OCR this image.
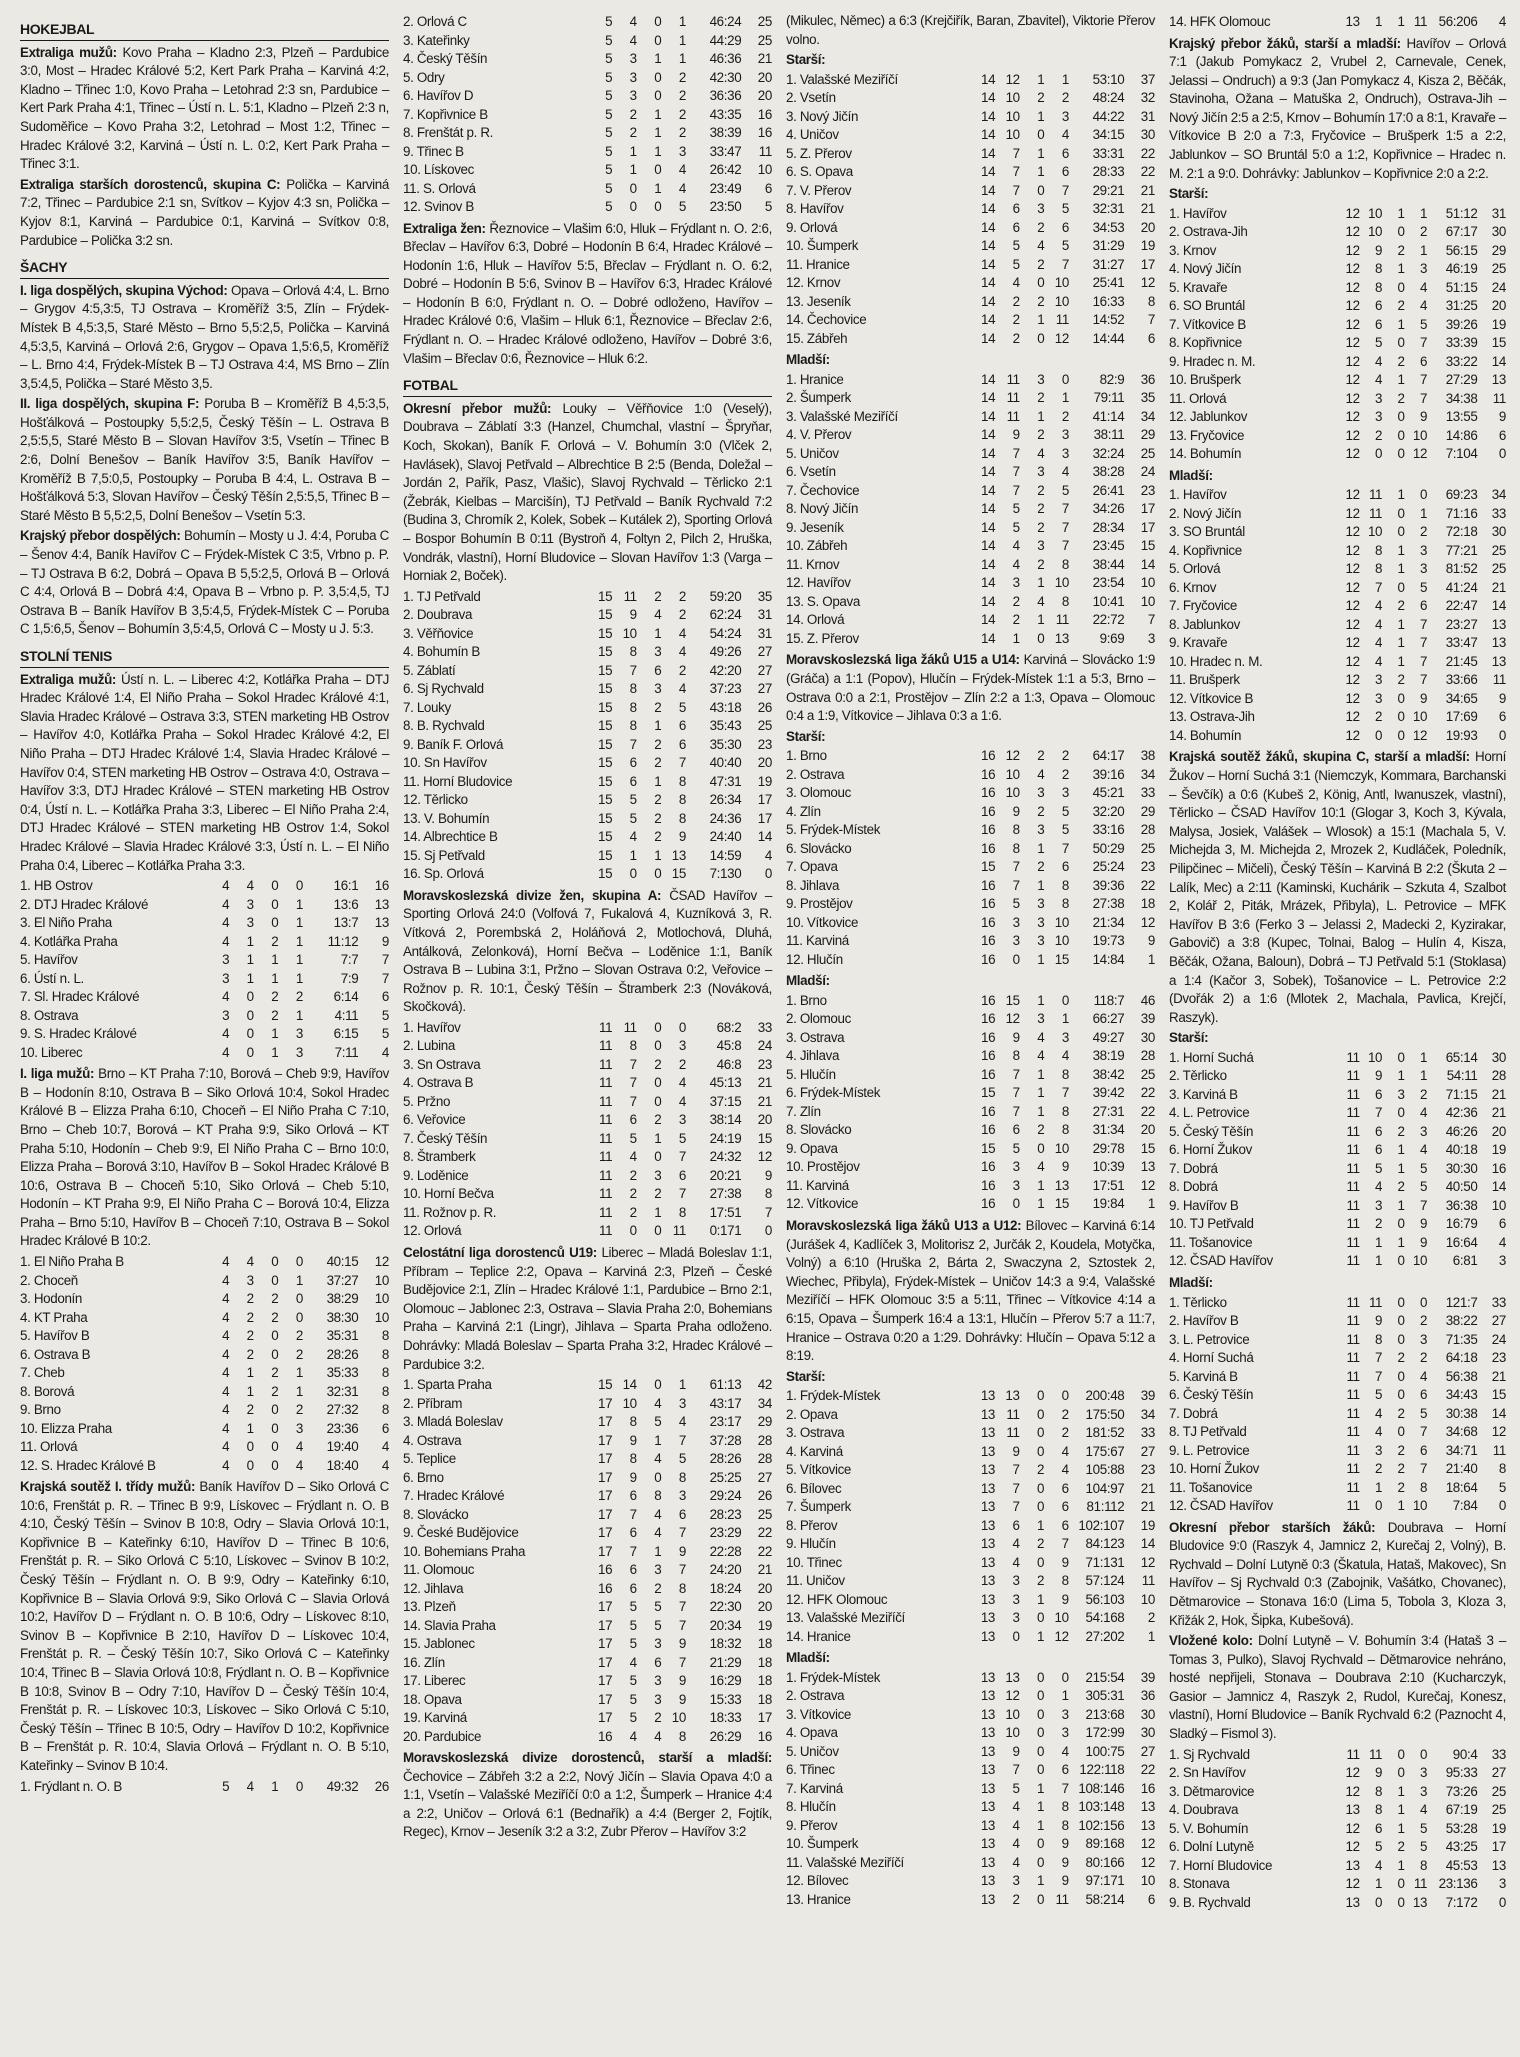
HOKEJBAL

Extraliga mužů: Kovo Praha – Kladno 2:3, Plzeň – Pardubice 3:0, Most – Hradec Králové 5:2, Kert Park Praha – Karviná 4:2, Kladno – Třinec 1:0, Kovo Praha – Letohrad 2:3 sn, Pardubice – Kert Park Praha 4:1, Třinec – Ústí n. L. 5:1, Kladno – Plzeň 2:3 n, Sudoměřice – Kovo Praha 3:2, Letohrad – Most 1:2, Třinec – Hradec Králové 3:2, Karviná – Ústí n. L. 0:2, Kert Park Praha – Třinec 3:1.

Extraliga starších dorostenců, skupina C: Polička – Karviná 7:2, Třinec – Pardubice 2:1 sn, Svítkov – Kyjov 4:3 sn, Polička – Kyjov 8:1, Karviná – Pardubice 0:1, Karviná – Svítkov 0:8, Pardubice – Polička 3:2 sn.

ŠACHY

I. liga dospělých, skupina Východ: Opava – Orlová 4:4, L. Brno – Grygov 4:5,3:5, TJ Ostrava – Kroměříž 3:5, Zlín – Frýdek-Místek B 4,5:3,5, Staré Město – Brno 5,5:2,5, Polička – Karviná 4,5:3,5, Karviná – Orlová 2:6, Grygov – Opava 1,5:6,5, Kroměříž – L. Brno 4:4, Frýdek-Místek B – TJ Ostrava 4:4, MS Brno – Zlín 3,5:4,5, Polička – Staré Město 3,5.

II. liga dospělých, skupina F: Poruba B – Kroměříž B 4,5:3,5, Hošťálková – Postoupky 5,5:2,5, Český Těšín – L. Ostrava B 2,5:5,5, Staré Město B – Slovan Havířov 3:5, Vsetín – Třinec B 2:6, Dolní Benešov – Baník Havířov 3:5, Baník Havířov – Kroměříž B 7,5:0,5, Postoupky – Poruba B 4:4, L. Ostrava B – Hošťálková 5:3, Slovan Havířov – Český Těšín 2,5:5,5, Třinec B – Staré Město B 5,5:2,5, Dolní Benešov – Vsetín 5:3.

Krajský přebor dospělých: Bohumín – Mosty u J. 4:4, Poruba C – Šenov 4:4, Baník Havířov C – Frýdek-Místek C 3:5, Vrbno p. P. – TJ Ostrava B 6:2, Dobrá – Opava B 5,5:2,5, Orlová B – Orlová C 4:4, Orlová B – Dobrá 4:4, Opava B – Vrbno p. P. 3,5:4,5, TJ Ostrava B – Baník Havířov B 3,5:4,5, Frýdek-Místek C – Poruba C 1,5:6,5, Šenov – Bohumín 3,5:4,5, Orlová C – Mosty u J. 5:3.

STOLNÍ TENIS

Extraliga mužů: Ústí n. L. – Liberec 4:2, Kotlářka Praha – DTJ Hradec Králové 1:4, El Niño Praha – Sokol Hradec Králové 4:1, Slavia Hradec Králové – Ostrava 3:3, STEN marketing HB Ostrov – Havířov 4:0, Kotlářka Praha – Sokol Hradec Králové 4:2, El Niño Praha – DTJ Hradec Králové 1:4, Slavia Hradec Králové – Havířov 0:4, STEN marketing HB Ostrov – Ostrava 4:0, Ostrava – Havířov 3:3, DTJ Hradec Králové – STEN marketing HB Ostrov 0:4, Ústí n. L. – Kotlářka Praha 3:3, Liberec – El Niño Praha 2:4, DTJ Hradec Králové – STEN marketing HB Ostrov 1:4, Sokol Hradec Králové – Slavia Hradec Králové 3:3, Ústí n. L. – El Niño Praha 0:4, Liberec – Kotlářka Praha 3:3.

1. HB Ostrov	4	4	0	0	16:1	16
2. DTJ Hradec Králové	4	3	0	1	13:6	13
3. El Niño Praha	4	3	0	1	13:7	13
4. Kotlářka Praha	4	1	2	1	11:12	9
5. Havířov	3	1	1	1	7:7	7
6. Ústí n. L.	3	1	1	1	7:9	7
7. Sl. Hradec Králové	4	0	2	2	6:14	6
8. Ostrava	3	0	2	1	4:11	5
9. S. Hradec Králové	4	0	1	3	6:15	5
10. Liberec	4	0	1	3	7:11	4

I. liga mužů: Brno – KT Praha 7:10, Borová – Cheb 9:9, Havířov B – Hodonín 8:10, Ostrava B – Siko Orlová 10:4, Sokol Hradec Králové B – Elizza Praha 6:10, Choceň – El Niño Praha C 7:10, Brno – Cheb 10:7, Borová – KT Praha 9:9, Siko Orlová – KT Praha 5:10, Hodonín – Cheb 9:9, El Niño Praha C – Brno 10:0, Elizza Praha – Borová 3:10, Havířov B – Sokol Hradec Králové B 10:6, Ostrava B – Choceň 5:10, Siko Orlová – Cheb 5:10, Hodonín – KT Praha 9:9, El Niño Praha C – Borová 10:4, Elizza Praha – Brno 5:10, Havířov B – Choceň 7:10, Ostrava B – Sokol Hradec Králové B 10:2.

1. El Niño Praha B	4	4	0	0	40:15	12
2. Choceň	4	3	0	1	37:27	10
3. Hodonín	4	2	2	0	38:29	10
4. KT Praha	4	2	2	0	38:30	10
5. Havířov B	4	2	0	2	35:31	8
6. Ostrava B	4	2	0	2	28:26	8
7. Cheb	4	1	2	1	35:33	8
8. Borová	4	1	2	1	32:31	8
9. Brno	4	2	0	2	27:32	8
10. Elizza Praha	4	1	0	3	23:36	6
11. Orlová	4	0	0	4	19:40	4
12. S. Hradec Králové B	4	0	0	4	18:40	4

Krajská soutěž I. třídy mužů: Baník Havířov D – Siko Orlová C 10:6, Frenštát p. R. – Třinec B 9:9, Lískovec – Frýdlant n. O. B 4:10, Český Těšín – Svinov B 10:8, Odry – Slavia Orlová 10:1, Kopřivnice B – Kateřinky 6:10, Havířov D – Třinec B 10:6, Frenštát p. R. – Siko Orlová C 5:10, Lískovec – Svinov B 10:2, Český Těšín – Frýdlant n. O. B 9:9, Odry – Kateřinky 6:10, Kopřivnice B – Slavia Orlová 9:9, Siko Orlová C – Slavia Orlová 10:2, Havířov D – Frýdlant n. O. B 10:6, Odry – Lískovec 8:10, Svinov B – Kopřivnice B 2:10, Havířov D – Lískovec 10:4, Frenštát p. R. – Český Těšín 10:7, Siko Orlová C – Kateřinky 10:4, Třinec B – Slavia Orlová 10:8, Frýdlant n. O. B – Kopřivnice B 10:8, Svinov B – Odry 7:10, Havířov D – Český Těšín 10:4, Frenštát p. R. – Lískovec 10:3, Lískovec – Siko Orlová C 5:10, Český Těšín – Třinec B 10:5, Odry – Havířov D 10:2, Kopřivnice B – Frenštát p. R. 10:4, Slavia Orlová – Frýdlant n. O. B 5:10, Kateřinky – Svinov B 10:4.

1. Frýdlant n. O. B	5	4	1	0	49:32	26
2. Orlová C	5	4	0	1	46:24	25
3. Kateřinky	5	4	0	1	44:29	25
4. Český Těšín	5	3	1	1	46:36	21
5. Odry	5	3	0	2	42:30	20
6. Havířov D	5	3	0	2	36:36	20
7. Kopřivnice B	5	2	1	2	43:35	16
8. Frenštát p. R.	5	2	1	2	38:39	16
9. Třinec B	5	1	1	3	33:47	11
10. Lískovec	5	1	0	4	26:42	10
11. S. Orlová	5	0	1	4	23:49	6
12. Svinov B	5	0	0	5	23:50	5

Extraliga žen: Řeznovice – Vlašim 6:0, Hluk – Frýdlant n. O. 2:6, Břeclav – Havířov 6:3, Dobré – Hodonín B 6:4, Hradec Králové – Hodonín 1:6, Hluk – Havířov 5:5, Břeclav – Frýdlant n. O. 6:2, Dobré – Hodonín B 5:6, Svinov B – Havířov 6:3, Hradec Králové – Hodonín B 6:0, Frýdlant n. O. – Dobré odloženo, Havířov – Hradec Králové 0:6, Vlašim – Hluk 6:1, Řeznovice – Břeclav 2:6, Frýdlant n. O. – Hradec Králové odloženo, Havířov – Dobré 3:6, Vlašim – Břeclav 0:6, Řeznovice – Hluk 6:2.

FOTBAL

Okresní přebor mužů: Louky – Věřňovice 1:0 (Veselý), Doubrava – Záblatí 3:3 (Hanzel, Chumchal, vlastní – Špryňar, Koch, Skokan), Baník F. Orlová – V. Bohumín 3:0 (Vlček 2, Havlásek), Slavoj Petřvald – Albrechtice B 2:5 (Benda, Doležal – Jordán 2, Pařík, Pasz, Vlašic), Slavoj Rychvald – Těrlicko 2:1 (Žebrák, Kielbas – Marcišín), TJ Petřvald – Baník Rychvald 7:2 (Budina 3, Chromík 2, Kolek, Sobek – Kutálek 2), Sporting Orlová – Bospor Bohumín B 0:11 (Bystroň 4, Foltyn 2, Pilch 2, Hruška, Vondrák, vlastní), Horní Bludovice – Slovan Havířov 1:3 (Varga – Horniak 2, Boček).

1. TJ Petřvald	15	11	2	2	59:20	35
2. Doubrava	15	9	4	2	62:24	31
3. Věřňovice	15	10	1	4	54:24	31
4. Bohumín B	15	8	3	4	49:26	27
5. Záblatí	15	7	6	2	42:20	27
6. Sj Rychvald	15	8	3	4	37:23	27
7. Louky	15	8	2	5	43:18	26
8. B. Rychvald	15	8	1	6	35:43	25
9. Baník F. Orlová	15	7	2	6	35:30	23
10. Sn Havířov	15	6	2	7	40:40	20
11. Horní Bludovice	15	6	1	8	47:31	19
12. Těrlicko	15	5	2	8	26:34	17
13. V. Bohumín	15	5	2	8	24:36	17
14. Albrechtice B	15	4	2	9	24:40	14
15. Sj Petřvald	15	1	1	13	14:59	4
16. Sp. Orlová	15	0	0	15	7:130	0

Moravskoslezská divize žen, skupina A: ČSAD Havířov – Sporting Orlová 24:0 (Volfová 7, Fukalová 4, Kuzníková 3, R. Vítková 2, Porembská 2, Holáňová 2, Motlochová, Dluhá, Antálková, Zelonková), Horní Bečva – Loděnice 1:1, Baník Ostrava B – Lubina 3:1, Pržno – Slovan Ostrava 0:2, Veřovice – Rožnov p. R. 10:1, Český Těšín – Štramberk 2:3 (Nováková, Skočková).

1. Havířov	11	11	0	0	68:2	33
2. Lubina	11	8	0	3	45:8	24
3. Sn Ostrava	11	7	2	2	46:8	23
4. Ostrava B	11	7	0	4	45:13	21
5. Pržno	11	7	0	4	37:15	21
6. Veřovice	11	6	2	3	38:14	20
7. Český Těšín	11	5	1	5	24:19	15
8. Štramberk	11	4	0	7	24:32	12
9. Loděnice	11	2	3	6	20:21	9
10. Horní Bečva	11	2	2	7	27:38	8
11. Rožnov p. R.	11	2	1	8	17:51	7
12. Orlová	11	0	0	11	0:171	0

Celostátní liga dorostenců U19: Liberec – Mladá Boleslav 1:1, Příbram – Teplice 2:2, Opava – Karviná 2:3, Plzeň – České Budějovice 2:1, Zlín – Hradec Králové 1:1, Pardubice – Brno 2:1, Olomouc – Jablonec 2:3, Ostrava – Slavia Praha 2:0, Bohemians Praha – Karviná 2:1 (Lingr), Jihlava – Sparta Praha odloženo. Dohrávky: Mladá Boleslav – Sparta Praha 3:2, Hradec Králové – Pardubice 3:2.

1. Sparta Praha	15	14	0	1	61:13	42
2. Příbram	17	10	4	3	43:17	34
3. Mladá Boleslav	17	8	5	4	23:17	29
4. Ostrava	17	9	1	7	37:28	28
5. Teplice	17	8	4	5	28:26	28
6. Brno	17	9	0	8	25:25	27
7. Hradec Králové	17	6	8	3	29:24	26
8. Slovácko	17	7	4	6	28:23	25
9. České Budějovice	17	6	4	7	23:29	22
10. Bohemians Praha	17	7	1	9	22:28	22
11. Olomouc	16	6	3	7	24:20	21
12. Jihlava	16	6	2	8	18:24	20
13. Plzeň	17	5	5	7	22:30	20
14. Slavia Praha	17	5	5	7	20:34	19
15. Jablonec	17	5	3	9	18:32	18
16. Zlín	17	4	6	7	21:29	18
17. Liberec	17	5	3	9	16:29	18
18. Opava	17	5	3	9	15:33	18
19. Karviná	17	5	2	10	18:33	17
20. Pardubice	16	4	4	8	26:29	16

Moravskoslezská divize dorostenců, starší a mladší: Čechovice – Zábřeh 3:2 a 2:2, Nový Jičín – Slavia Opava 4:0 a 1:1, Vsetín – Valašské Meziříčí 0:0 a 1:2, Šumperk – Hranice 4:4 a 2:2, Uničov – Orlová 6:1 (Bednařík) a 4:4 (Berger 2, Fojtík, Regec), Krnov – Jeseník 3:2 a 3:2, Zubr Přerov – Havířov 3:2

(Mikulec, Němec) a 6:3 (Krejčiřík, Baran, Zbavitel), Viktorie Přerov volno.

Starší:
1. Valašské Meziříčí	14	12	1	1	53:10	37
2. Vsetín	14	10	2	2	48:24	32
3. Nový Jičín	14	10	1	3	44:22	31
4. Uničov	14	10	0	4	34:15	30
5. Z. Přerov	14	7	1	6	33:31	22
6. S. Opava	14	7	1	6	28:33	22
7. V. Přerov	14	7	0	7	29:21	21
8. Havířov	14	6	3	5	32:31	21
9. Orlová	14	6	2	6	34:53	20
10. Šumperk	14	5	4	5	31:29	19
11. Hranice	14	5	2	7	31:27	17
12. Krnov	14	4	0	10	25:41	12
13. Jeseník	14	2	2	10	16:33	8
14. Čechovice	14	2	1	11	14:52	7
15. Zábřeh	14	2	0	12	14:44	6
Mladší:
1. Hranice	14	11	3	0	82:9	36
2. Šumperk	14	11	2	1	79:11	35
3. Valašské Meziříčí	14	11	1	2	41:14	34
4. V. Přerov	14	9	2	3	38:11	29
5. Uničov	14	7	4	3	32:24	25
6. Vsetín	14	7	3	4	38:28	24
7. Čechovice	14	7	2	5	26:41	23
8. Nový Jičín	14	5	2	7	34:26	17
9. Jeseník	14	5	2	7	28:34	17
10. Zábřeh	14	4	3	7	23:45	15
11. Krnov	14	4	2	8	38:44	14
12. Havířov	14	3	1	10	23:54	10
13. S. Opava	14	2	4	8	10:41	10
14. Orlová	14	2	1	11	22:72	7
15. Z. Přerov	14	1	0	13	9:69	3

Moravskoslezská liga žáků U15 a U14: Karviná – Slovácko 1:9 (Gráča) a 1:1 (Popov), Hlučín – Frýdek-Místek 1:1 a 5:3, Brno – Ostrava 0:0 a 2:1, Prostějov – Zlín 2:2 a 1:3, Opava – Olomouc 0:4 a 1:9, Vítkovice – Jihlava 0:3 a 1:6.

Starší:
1. Brno	16	12	2	2	64:17	38
2. Ostrava	16	10	4	2	39:16	34
3. Olomouc	16	10	3	3	45:21	33
4. Zlín	16	9	2	5	32:20	29
5. Frýdek-Místek	16	8	3	5	33:16	28
6. Slovácko	16	8	1	7	50:29	25
7. Opava	15	7	2	6	25:24	23
8. Jihlava	16	7	1	8	39:36	22
9. Prostějov	16	5	3	8	27:38	18
10. Vítkovice	16	3	3	10	21:34	12
11. Karviná	16	3	3	10	19:73	9
12. Hlučín	16	0	1	15	14:84	1
Mladší:
1. Brno	16	15	1	0	118:7	46
2. Olomouc	16	12	3	1	66:27	39
3. Ostrava	16	9	4	3	49:27	30
4. Jihlava	16	8	4	4	38:19	28
5. Hlučín	16	7	1	8	38:42	25
6. Frýdek-Místek	15	7	1	7	39:42	22
7. Zlín	16	7	1	8	27:31	22
8. Slovácko	16	6	2	8	31:34	20
9. Opava	15	5	0	10	29:78	15
10. Prostějov	16	3	4	9	10:39	13
11. Karviná	16	3	1	13	17:51	12
12. Vítkovice	16	0	1	15	19:84	1

Moravskoslezská liga žáků U13 a U12: Bílovec – Karviná 6:14 (Jurášek 4, Kadlíček 3, Molitorisz 2, Jurčák 2, Koudela, Motyčka, Volný) a 6:10 (Hruška 2, Bárta 2, Swaczyna 2, Sztostek 2, Wiechec, Přibyla), Frýdek-Místek – Uničov 14:3 a 9:4, Valašské Meziříčí – HFK Olomouc 3:5 a 5:11, Třinec – Vítkovice 4:14 a 6:15, Opava – Šumperk 16:4 a 13:1, Hlučín – Přerov 5:7 a 11:7, Hranice – Ostrava 0:20 a 1:29. Dohrávky: Hlučín – Opava 5:12 a 8:19.

Starší:
1. Frýdek-Místek	13	13	0	0	200:48	39
2. Opava	13	11	0	2	175:50	34
3. Ostrava	13	11	0	2	181:52	33
4. Karviná	13	9	0	4	175:67	27
5. Vítkovice	13	7	2	4	105:88	23
6. Bílovec	13	7	0	6	104:97	21
7. Šumperk	13	7	0	6	81:112	21
8. Přerov	13	6	1	6	102:107	19
9. Hlučín	13	4	2	7	84:123	14
10. Třinec	13	4	0	9	71:131	12
11. Uničov	13	3	2	8	57:124	11
12. HFK Olomouc	13	3	1	9	56:103	10
13. Valašské Meziříčí	13	3	0	10	54:168	2
14. Hranice	13	0	1	12	27:202	1
Mladší:
1. Frýdek-Místek	13	13	0	0	215:54	39
2. Ostrava	13	12	0	1	305:31	36
3. Vítkovice	13	10	0	3	213:68	30
4. Opava	13	10	0	3	172:99	30
5. Uničov	13	9	0	4	100:75	27
6. Třinec	13	7	0	6	122:118	22
7. Karviná	13	5	1	7	108:146	16
8. Hlučín	13	4	1	8	103:148	13
9. Přerov	13	4	1	8	102:156	13
10. Šumperk	13	4	0	9	89:168	12
11. Valašské Meziříčí	13	4	0	9	80:166	12
12. Bílovec	13	3	1	9	97:171	10
13. Hranice	13	2	0	11	58:214	6
14. HFK Olomouc	13	1	1	11	56:206	4

Krajský přebor žáků, starší a mladší: Havířov – Orlová 7:1 (Jakub Pomykacz 2, Vrubel 2, Carnevale, Cenek, Jelassi – Ondruch) a 9:3 (Jan Pomykacz 4, Kisza 2, Běčák, Stavinoha, Ožana – Matuška 2, Ondruch), Ostrava-Jih – Nový Jičín 2:5 a 2:5, Krnov – Bohumín 17:0 a 8:1, Kravaře – Vítkovice B 2:0 a 7:3, Fryčovice – Brušperk 1:5 a 2:2, Jablunkov – SO Bruntál 5:0 a 1:2, Kopřivnice – Hradec n. M. 2:1 a 9:0. Dohrávky: Jablunkov – Kopřivnice 2:0 a 2:2.

Starší:
1. Havířov	12	10	1	1	51:12	31
2. Ostrava-Jih	12	10	0	2	67:17	30
3. Krnov	12	9	2	1	56:15	29
4. Nový Jičín	12	8	1	3	46:19	25
5. Kravaře	12	8	0	4	51:15	24
6. SO Bruntál	12	6	2	4	31:25	20
7. Vítkovice B	12	6	1	5	39:26	19
8. Kopřivnice	12	5	0	7	33:39	15
9. Hradec n. M.	12	4	2	6	33:22	14
10. Brušperk	12	4	1	7	27:29	13
11. Orlová	12	3	2	7	34:38	11
12. Jablunkov	12	3	0	9	13:55	9
13. Fryčovice	12	2	0	10	14:86	6
14. Bohumín	12	0	0	12	7:104	0
Mladší:
1. Havířov	12	11	1	0	69:23	34
2. Nový Jičín	12	11	0	1	71:16	33
3. SO Bruntál	12	10	0	2	72:18	30
4. Kopřivnice	12	8	1	3	77:21	25
5. Orlová	12	8	1	3	81:52	25
6. Krnov	12	7	0	5	41:24	21
7. Fryčovice	12	4	2	6	22:47	14
8. Jablunkov	12	4	1	7	23:27	13
9. Kravaře	12	4	1	7	33:47	13
10. Hradec n. M.	12	4	1	7	21:45	13
11. Brušperk	12	3	2	7	33:66	11
12. Vítkovice B	12	3	0	9	34:65	9
13. Ostrava-Jih	12	2	0	10	17:69	6
14. Bohumín	12	0	0	12	19:93	0

Krajská soutěž žáků, skupina C, starší a mladší: Horní Žukov – Horní Suchá 3:1 (Niemczyk, Kommara, Barchanski – Ševčík) a 0:6 (Kubeš 2, König, Antl, Iwanuszek, vlastní), Těrlicko – ČSAD Havířov 10:1 (Glogar 3, Koch 3, Kývala, Malysa, Josiek, Valášek – Wlosok) a 15:1 (Machala 5, V. Michejda 3, M. Michejda 2, Mrozek 2, Kudláček, Poledník, Pilipčinec – Mičeli), Český Těšín – Karviná B 2:2 (Škuta 2 – Lalík, Mec) a 2:11 (Kaminski, Kuchárik – Szkuta 4, Szalbot 2, Kolář 2, Piták, Mrázek, Přibyla), L. Petrovice – MFK Havířov B 3:6 (Ferko 3 – Jelassi 2, Madecki 2, Kyzirakar, Gabovič) a 3:8 (Kupec, Tolnai, Balog – Hulín 4, Kisza, Běčák, Ožana, Baloun), Dobrá – TJ Petřvald 5:1 (Stoklasa) a 1:4 (Kačor 3, Sobek), Tošanovice – L. Petrovice 2:2 (Dvořák 2) a 1:6 (Mlotek 2, Machala, Pavlica, Krejčí, Raszyk).

Starší:
1. Horní Suchá	11	10	0	1	65:14	30
2. Těrlicko	11	9	1	1	54:11	28
3. Karviná B	11	6	3	2	71:15	21
4. L. Petrovice	11	7	0	4	42:36	21
5. Český Těšín	11	6	2	3	46:26	20
6. Horní Žukov	11	6	1	4	40:18	19
7. Dobrá	11	5	1	5	30:30	16
8. Dobrá	11	4	2	5	40:50	14
9. Havířov B	11	3	1	7	36:38	10
10. TJ Petřvald	11	2	0	9	16:79	6
11. Tošanovice	11	1	1	9	16:64	4
12. ČSAD Havířov	11	1	0	10	6:81	3
Mladší:
1. Těrlicko	11	11	0	0	121:7	33
2. Havířov B	11	9	0	2	38:22	27
3. L. Petrovice	11	8	0	3	71:35	24
4. Horní Suchá	11	7	2	2	64:18	23
5. Karviná B	11	7	0	4	56:38	21
6. Český Těšín	11	5	0	6	34:43	15
7. Dobrá	11	4	2	5	30:38	14
8. TJ Petřvald	11	4	0	7	34:68	12
9. L. Petrovice	11	3	2	6	34:71	11
10. Horní Žukov	11	2	2	7	21:40	8
11. Tošanovice	11	1	2	8	18:64	5
12. ČSAD Havířov	11	0	1	10	7:84	0

Okresní přebor starších žáků: Doubrava – Horní Bludovice 9:0 (Raszyk 4, Jamnicz 2, Kurečaj 2, Volný), B. Rychvald – Dolní Lutyně 0:3 (Škatula, Hataš, Makovec), Sn Havířov – Sj Rychvald 0:3 (Zabojnik, Vašátko, Chovanec), Dětmarovice – Stonava 16:0 (Lima 5, Tobola 3, Kloza 3, Křižák 2, Hok, Šipka, Kubešová).

Vložené kolo: Dolní Lutyně – V. Bohumín 3:4 (Hataš 3 – Tomas 3, Pulko), Slavoj Rychvald – Dětmarovice nehráno, hosté nepřijeli, Stonava – Doubrava 2:10 (Kucharczyk, Gasior – Jamnicz 4, Raszyk 2, Rudol, Kurečaj, Konesz, vlastní), Horní Bludovice – Baník Rychvald 6:2 (Paznocht 4, Sladký – Fismol 3).

1. Sj Rychvald	11	11	0	0	90:4	33
2. Sn Havířov	12	9	0	3	95:33	27
3. Dětmarovice	12	8	1	3	73:26	25
4. Doubrava	13	8	1	4	67:19	25
5. V. Bohumín	12	6	1	5	53:28	19
6. Dolní Lutyně	12	5	2	5	43:25	17
7. Horní Bludovice	13	4	1	8	45:53	13
8. Stonava	12	1	0	11	23:136	3
9. B. Rychvald	13	0	0	13	7:172	0
